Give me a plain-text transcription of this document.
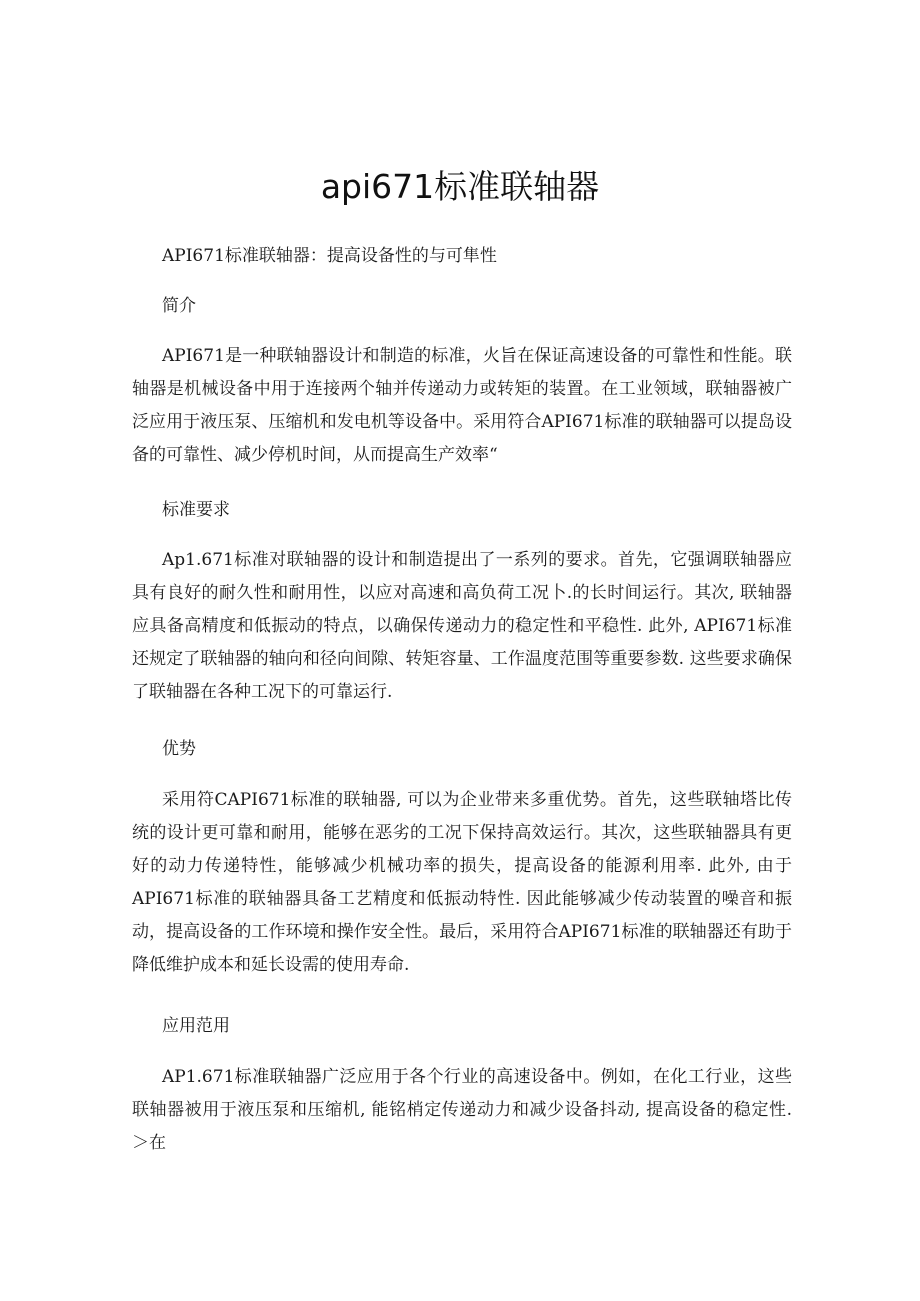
api671标准联轴器
API671标准联轴器：提高设备性的与可隼性
简介

API671是一种联轴器设计和制造的标准，火旨在保证高速设备的可靠性和性能。联轴器是机械设备中用于连接两个轴并传递动力或转矩的装置。在工业领域，联轴器被广泛应用于液压泵、压缩机和发电机等设备中。采用符合API671标准的联轴器可以提岛设备的可靠性、减少停机时间，从而提高生产效率“

标准要求

Ap1.671标准对联轴器的设计和制造提出了一系列的要求。首先，它强调联轴器应具有良好的耐久性和耐用性，以应对高速和高负荷工况卜.的长时间运行。其次, 联轴器应具备高精度和低振动的特点，以确保传递动力的稳定性和平稳性. 此外, API671标准还规定了联轴器的轴向和径向间隙、转矩容量、工作温度范围等重要参数. 这些要求确保了联轴器在各种工况下的可靠运行.

优势

采用符CAPI671标准的联轴器, 可以为企业带来多重优势。首先，这些联轴塔比传统的设计更可靠和耐用，能够在恶劣的工况下保持高效运行。其次，这些联轴器具有更好的动力传递特性，能够减少机械功率的损失，提高设备的能源利用率. 此外, 由于API671标准的联轴器具备工艺精度和低振动特性. 因此能够减少传动装置的噪音和振动，提高设备的工作环境和操作安全性。最后，采用符合API671标准的联轴器还有助于降低维护成本和延长设需的使用寿命.

应用范用

AP1.671标准联轴器广泛应用于各个行业的高速设备中。例如，在化工行业，这些联轴器被用于液压泵和压缩机, 能铭梢定传递动力和减少设备抖动, 提高设备的稳定性. ＞在
